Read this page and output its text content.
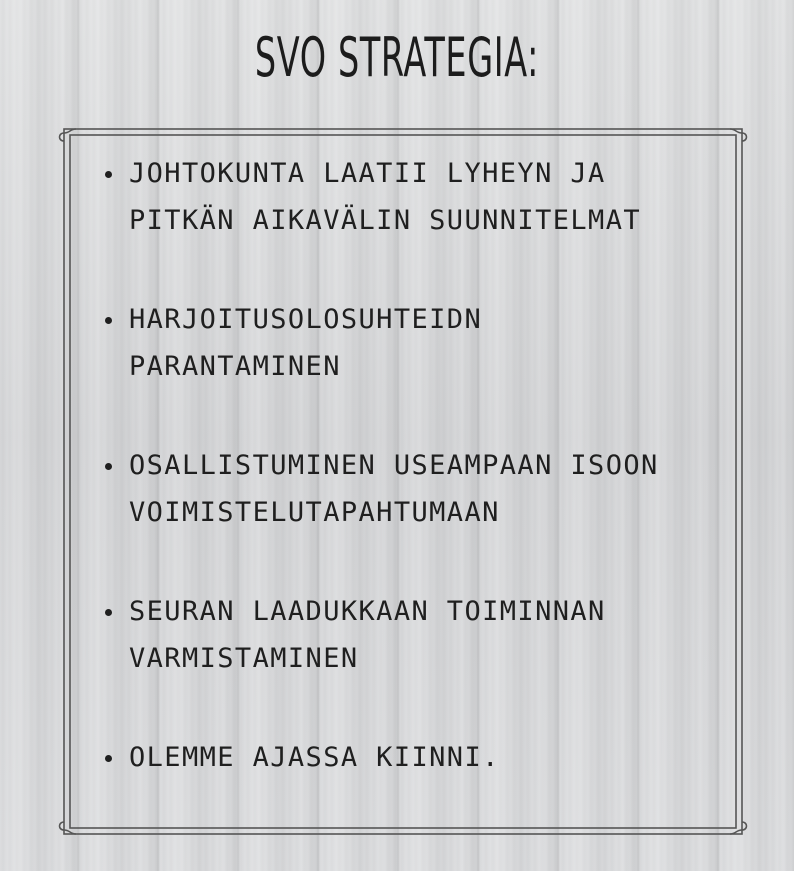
SVO STRATEGIA:
JOHTOKUNTA LAATII LYHEYN JA
PITKÄN AIKAVÄLIN SUUNNITELMAT
HARJOITUSOLOSUHTEIDN
PARANTAMINEN
OSALLISTUMINEN USEAMPAAN ISOON
VOIMISTELUTAPAHTUMAAN
SEURAN LAADUKKAAN TOIMINNAN
VARMISTAMINEN
OLEMME AJASSA KIINNI.
